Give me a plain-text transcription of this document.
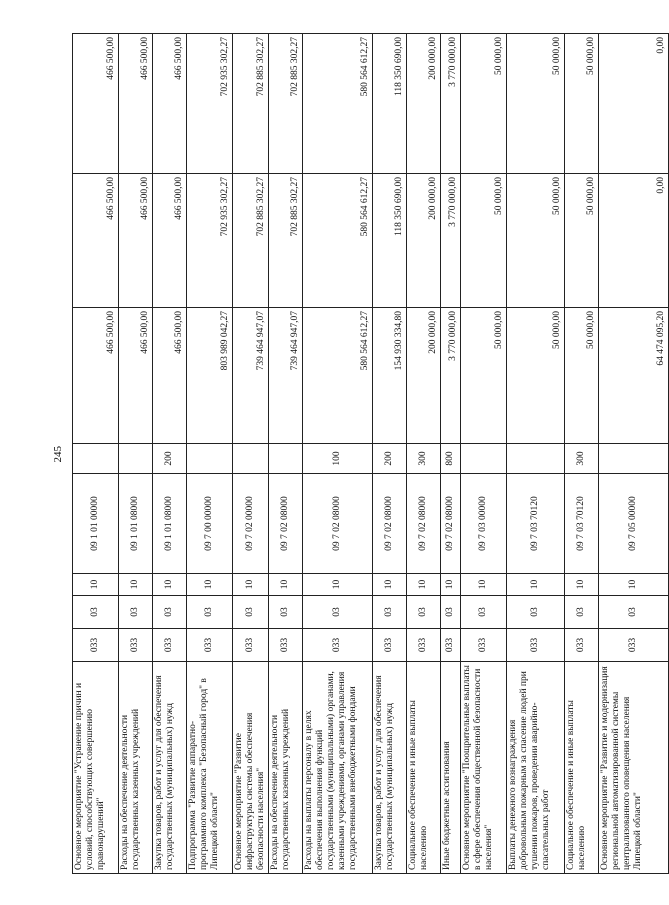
245
Основное мероприятие "Устранение причин и условий, способствующих совершению правонарушений"	033	03	10	09 1 01 00000		466 500,00	466 500,00	466 500,00
Расходы на обеспечение деятельности государственных казенных учреждений	033	03	10	09 1 01 08000		466 500,00	466 500,00	466 500,00
Закупка товаров, работ и услуг для обеспечения государственных (муниципальных) нужд	033	03	10	09 1 01 08000	200	466 500,00	466 500,00	466 500,00
Подпрограмма "Развитие аппаратно-программного комплекса "Безопасный город" в Липецкой области"	033	03	10	09 7 00 00000		803 989 042,27	702 935 302,27	702 935 302,27
Основное мероприятие "Развитие инфраструктуры системы обеспечения безопасности населения"	033	03	10	09 7 02 00000		739 464 947,07	702 885 302,27	702 885 302,27
Расходы на обеспечение деятельности государственных казенных учреждений	033	03	10	09 7 02 08000		739 464 947,07	702 885 302,27	702 885 302,27
Расходы на выплаты персоналу в целях обеспечения выполнения функций государственными (муниципальными) органами, казенными учреждениями, органами управления государственными внебюджетными фондами	033	03	10	09 7 02 08000	100	580 564 612,27	580 564 612,27	580 564 612,27
Закупка товаров, работ и услуг для обеспечения государственных (муниципальных) нужд	033	03	10	09 7 02 08000	200	154 930 334,80	118 350 690,00	118 350 690,00
Социальное обеспечение и иные выплаты населению	033	03	10	09 7 02 08000	300	200 000,00	200 000,00	200 000,00
Иные бюджетные ассигнования	033	03	10	09 7 02 08000	800	3 770 000,00	3 770 000,00	3 770 000,00
Основное мероприятие "Поощрительные выплаты в сфере обеспечения общественной безопасности населения"	033	03	10	09 7 03 00000		50 000,00	50 000,00	50 000,00
Выплаты денежного вознаграждения добровольным пожарным за спасение людей при тушении пожаров, проведении аварийно-спасательных работ	033	03	10	09 7 03 70120		50 000,00	50 000,00	50 000,00
Социальное обеспечение и иные выплаты населению	033	03	10	09 7 03 70120	300	50 000,00	50 000,00	50 000,00
Основное мероприятие "Развитие и модернизация региональной автоматизированной системы централизованного оповещения населения Липецкой области"	033	03	10	09 7 05 00000		64 474 095,20	0,00	0,00
